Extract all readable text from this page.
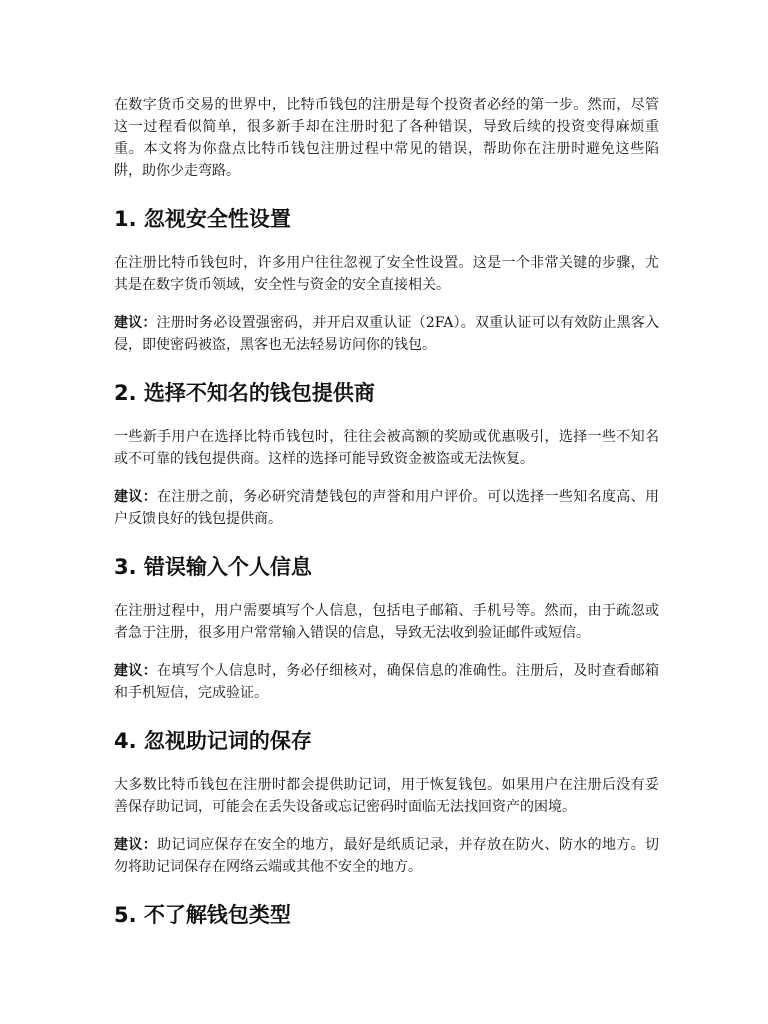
在数字货币交易的世界中，比特币钱包的注册是每个投资者必经的第一步。然而，尽管这一过程看似简单，很多新手却在注册时犯了各种错误，导致后续的投资变得麻烦重重。本文将为你盘点比特币钱包注册过程中常见的错误，帮助你在注册时避免这些陷阱，助你少走弯路。

1. 忽视安全性设置

在注册比特币钱包时，许多用户往往忽视了安全性设置。这是一个非常关键的步骤，尤其是在数字货币领域，安全性与资金的安全直接相关。

建议：注册时务必设置强密码，并开启双重认证（2FA）。双重认证可以有效防止黑客入侵，即使密码被盗，黑客也无法轻易访问你的钱包。

2. 选择不知名的钱包提供商

一些新手用户在选择比特币钱包时，往往会被高额的奖励或优惠吸引，选择一些不知名或不可靠的钱包提供商。这样的选择可能导致资金被盗或无法恢复。

建议：在注册之前，务必研究清楚钱包的声誉和用户评价。可以选择一些知名度高、用户反馈良好的钱包提供商。

3. 错误输入个人信息

在注册过程中，用户需要填写个人信息，包括电子邮箱、手机号等。然而，由于疏忽或者急于注册，很多用户常常输入错误的信息，导致无法收到验证邮件或短信。

建议：在填写个人信息时，务必仔细核对，确保信息的准确性。注册后，及时查看邮箱和手机短信，完成验证。

4. 忽视助记词的保存

大多数比特币钱包在注册时都会提供助记词，用于恢复钱包。如果用户在注册后没有妥善保存助记词，可能会在丢失设备或忘记密码时面临无法找回资产的困境。

建议：助记词应保存在安全的地方，最好是纸质记录，并存放在防火、防水的地方。切勿将助记词保存在网络云端或其他不安全的地方。

5. 不了解钱包类型
